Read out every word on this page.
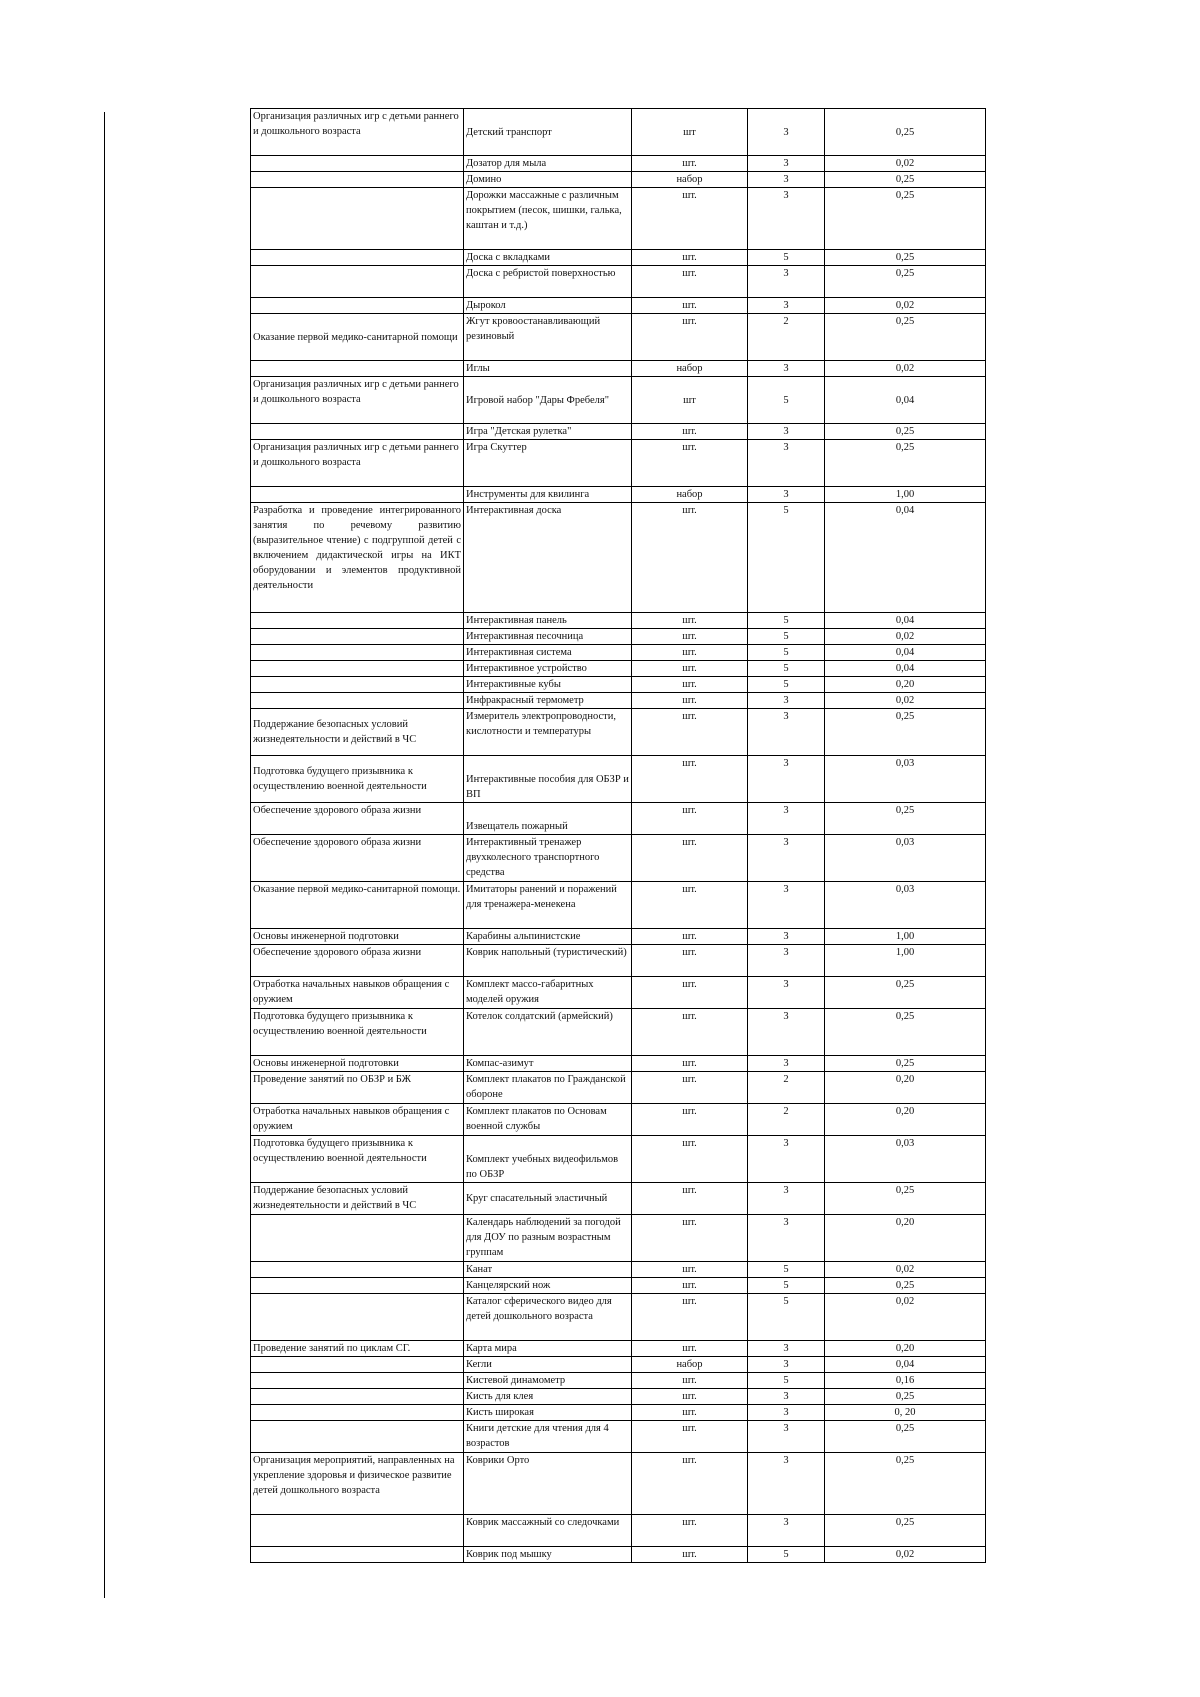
Организация различных игр с детьми раннего и дошкольного возраста	Детский транспорт	шт	3	0,25
	Дозатор для мыла	шт.	3	0,02
	Домино	набор	3	0,25
	Дорожки массажные с различным покрытием (песок, шишки, галька, каштан и т.д.)	шт.	3	0,25
	Доска с вкладками	шт.	5	0,25
	Доска с ребристой поверхностью	шт.	3	0,25
	Дырокол	шт.	3	0,02
Оказание первой медико-санитарной помощи	Жгут кровоостанавливающий резиновый	шт.	2	0,25
	Иглы	набор	3	0,02
Организация различных игр с детьми раннего и дошкольного возраста	Игровой набор "Дары Фребеля"	шт	5	0,04
	Игра "Детская рулетка"	шт.	3	0,25
Организация различных игр с детьми раннего и дошкольного возраста	Игра Скуттер	шт.	3	0,25
	Инструменты для квилинга	набор	3	1,00
Разработка и проведение интегрированного занятия по речевому развитию (выразительное чтение) с подгруппой детей с включением дидактической игры на ИКТ оборудовании и элементов продуктивной деятельности	Интерактивная доска	шт.	5	0,04
	Интерактивная панель	шт.	5	0,04
	Интерактивная песочница	шт.	5	0,02
	Интерактивная система	шт.	5	0,04
	Интерактивное устройство	шт.	5	0,04
	Интерактивные кубы	шт.	5	0,20
	Инфракрасный термометр	шт.	3	0,02
Поддержание безопасных условий жизнедеятельности и действий в ЧС	Измеритель электропроводности, кислотности и температуры	шт.	3	0,25
Подготовка будущего призывника к осуществлению военной деятельности	Интерактивные пособия для ОБЗР и ВП	шт.	3	0,03
Обеспечение здорового образа жизни	Извещатель пожарный	шт.	3	0,25
Обеспечение здорового образа жизни	Интерактивный тренажер двухколесного транспортного средства	шт.	3	0,03
Оказание первой медико-санитарной помощи.	Имитаторы ранений и поражений для тренажера-менекена	шт.	3	0,03
Основы инженерной подготовки	Карабины альпинистские	шт.	3	1,00
Обеспечение здорового образа жизни	Коврик напольный (туристический)	шт.	3	1,00
Отработка начальных навыков обращения с оружием	Комплект массо-габаритных моделей оружия	шт.	3	0,25
Подготовка будущего призывника к осуществлению военной деятельности	Котелок солдатский (армейский)	шт.	3	0,25
Основы инженерной подготовки	Компас-азимут	шт.	3	0,25
Проведение занятий по ОБЗР и БЖ	Комплект плакатов по Гражданской обороне	шт.	2	0,20
Отработка начальных навыков обращения с оружием	Комплект плакатов по Основам военной службы	шт.	2	0,20
Подготовка будущего призывника к осуществлению военной деятельности	Комплект учебных видеофильмов по ОБЗР	шт.	3	0,03
Поддержание безопасных условий жизнедеятельности и действий в ЧС	Круг спасательный эластичный	шт.	3	0,25
	Календарь наблюдений за погодой для ДОУ по разным возрастным группам	шт.	3	0,20
	Канат	шт.	5	0,02
	Канцелярский нож	шт.	5	0,25
	Каталог сферического видео для детей дошкольного возраста	шт.	5	0,02
Проведение занятий по циклам СГ.	Карта мира	шт.	3	0,20
	Кегли	набор	3	0,04
	Кистевой динамометр	шт.	5	0,16
	Кисть для клея	шт.	3	0,25
	Кисть широкая	шт.	3	0, 20
	Книги детские для чтения для 4 возрастов	шт.	3	0,25
Организация мероприятий, направленных на укрепление здоровья и физическое развитие детей дошкольного возраста	Коврики Орто	шт.	3	0,25
	Коврик массажный со следочками	шт.	3	0,25
	Коврик под мышку	шт.	5	0,02
